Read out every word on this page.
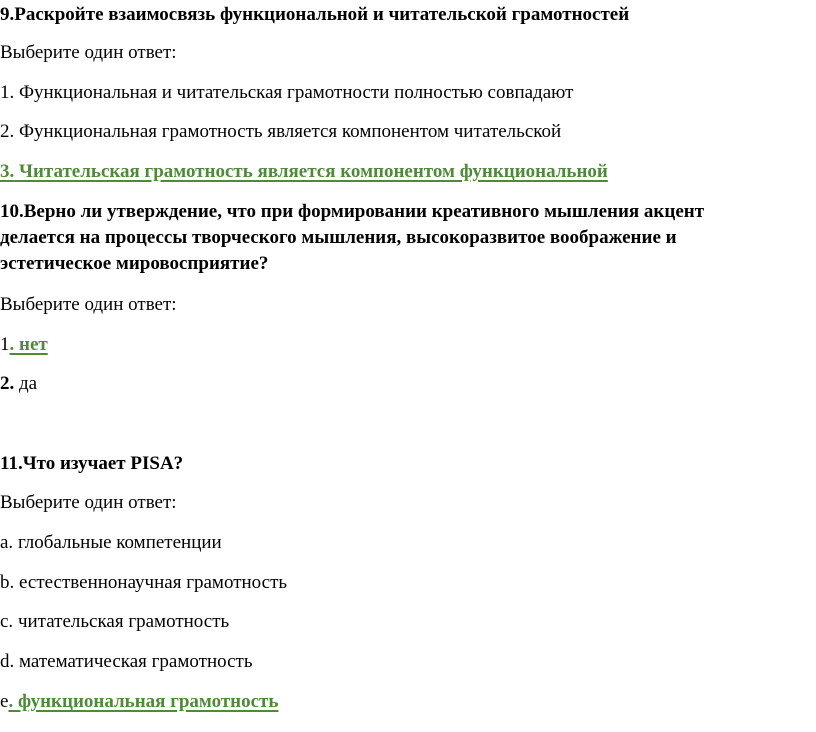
9.Раскройте взаимосвязь функциональной и читательской грамотностей
Выберите один ответ:
1. Функциональная и читательская грамотности полностью совпадают
2. Функциональная грамотность является компонентом читательской
3. Читательская грамотность является компонентом функциональной
10.Верно ли утверждение, что при формировании креативного мышления акцент
делается на процессы творческого мышления, высокоразвитое воображение и
эстетическое мировосприятие?
Выберите один ответ:
1. нет
2. да
11.Что изучает PISA?
Выберите один ответ:
a. глобальные компетенции
b. естественнонаучная грамотность
c. читательская грамотность
d. математическая грамотность
e. функциональная грамотность
